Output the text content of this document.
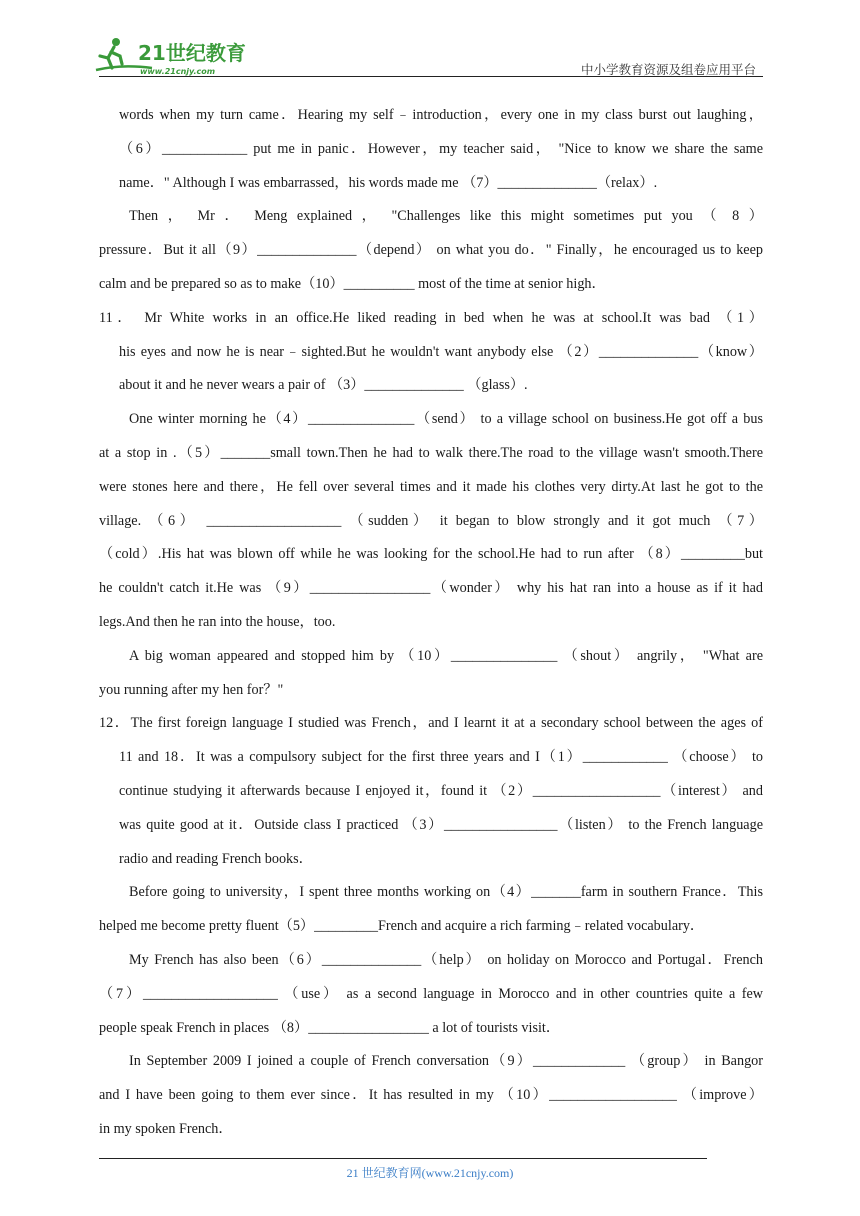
21世纪教育
www.21cnjy.com	中小学教育资源及组卷应用平台
words when my turn came．Hearing my self﹣introduction，every one in my class burst out laughing，
（6）____________ put me in panic．However，my teacher said， "Nice to know we share the same
name．" Although I was embarrassed，his words made me （7）______________（relax）.
Then ， Mr ． Meng explained ， "Challenges like this might sometimes put you （ 8 ）
pressure．But it all（9）______________（depend） on what you do．" Finally，he encouraged us to keep
calm and be prepared so as to make（10）__________ most of the time at senior high．
11． Mr White works in an office.He liked reading in bed when he was at school.It was bad （1）
his eyes and now he is near﹣sighted.But he wouldn't want anybody else （2）______________（know）
about it and he never wears a pair of （3）______________ （glass）.
One winter morning he（4）_______________（send） to a village school on business.He got off a bus
at a stop in .（5）_______small town.Then he had to walk there.The road to the village wasn't smooth.There
were stones here and there，He fell over several times and it made his clothes very dirty.At last he got to the
village. （6） ___________________ （sudden） it began to blow strongly and it got much （7）
（cold）.His hat was blown off while he was looking for the school.He had to run after （8）_________but
he couldn't catch it.He was （9）_________________（wonder） why his hat ran into a house as if it had
legs.And then he ran into the house，too.
A big woman appeared and stopped him by （10）_______________ （shout） angrily， "What are
you running after my hen for？"
12．The first foreign language I studied was French，and I learnt it at a secondary school between the ages of
11 and 18．It was a compulsory subject for the first three years and I（1）____________ （choose） to
continue studying it afterwards because I enjoyed it，found it （2）__________________（interest） and
was quite good at it．Outside class I practiced （3）________________（listen） to the French language
radio and reading French books．
Before going to university，I spent three months working on（4）_______farm in southern France．This
helped me become pretty fluent（5）_________French and acquire a rich farming﹣related vocabulary．
My French has also been（6）______________（help） on holiday on Morocco and Portugal．French
（7）___________________ （use） as a second language in Morocco and in other countries quite a few
people speak French in places （8）_________________ a lot of tourists visit．
In September 2009 I joined a couple of French conversation（9）_____________ （group） in Bangor
and I have been going to them ever since．It has resulted in my （10）__________________ （improve）
in my spoken French．
21 世纪教育网(www.21cnjy.com)
